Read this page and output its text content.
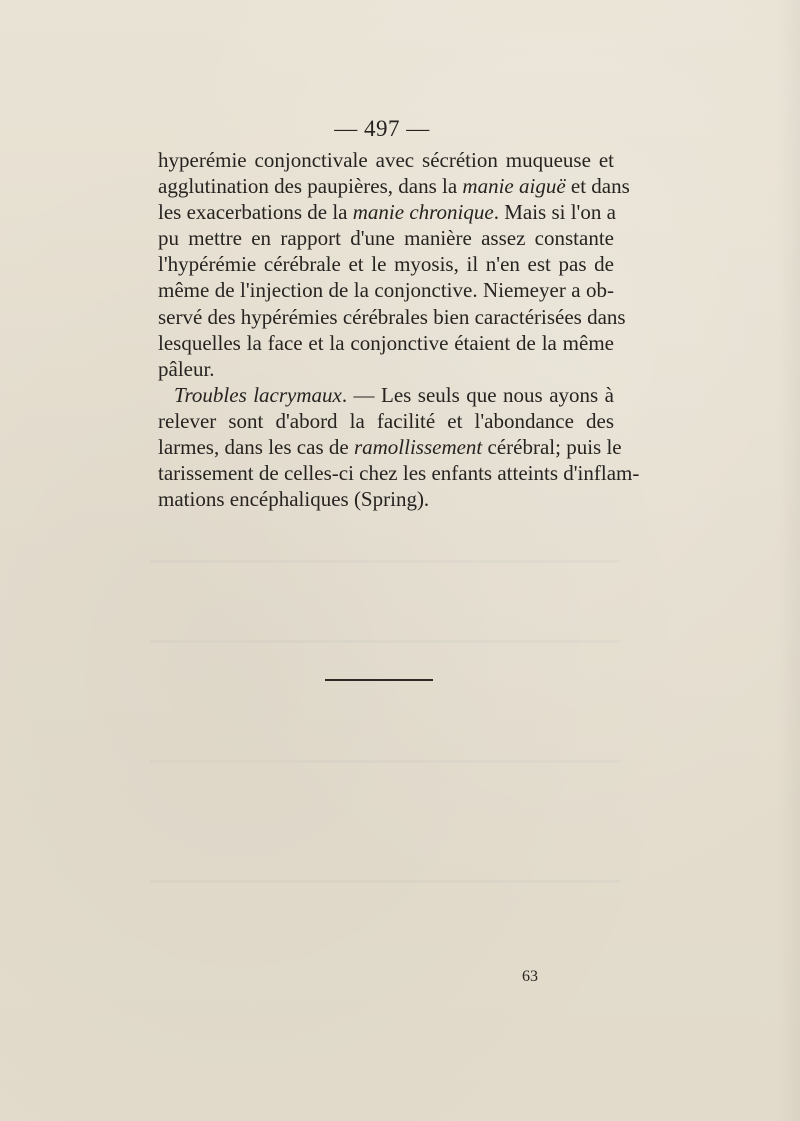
— 497 —
hyperémie conjonctivale avec sécrétion muqueuse et
agglutination des paupières, dans la manie aiguë et dans
les exacerbations de la manie chronique. Mais si l'on a
pu mettre en rapport d'une manière assez constante
l'hypérémie cérébrale et le myosis, il n'en est pas de
même de l'injection de la conjonctive. Niemeyer a ob-
servé des hypérémies cérébrales bien caractérisées dans
lesquelles la face et la conjonctive étaient de la même
pâleur.
Troubles lacrymaux. — Les seuls que nous ayons à
relever sont d'abord la facilité et l'abondance des
larmes, dans les cas de ramollissement cérébral; puis le
tarissement de celles-ci chez les enfants atteints d'inflam-
mations encéphaliques (Spring).
63
